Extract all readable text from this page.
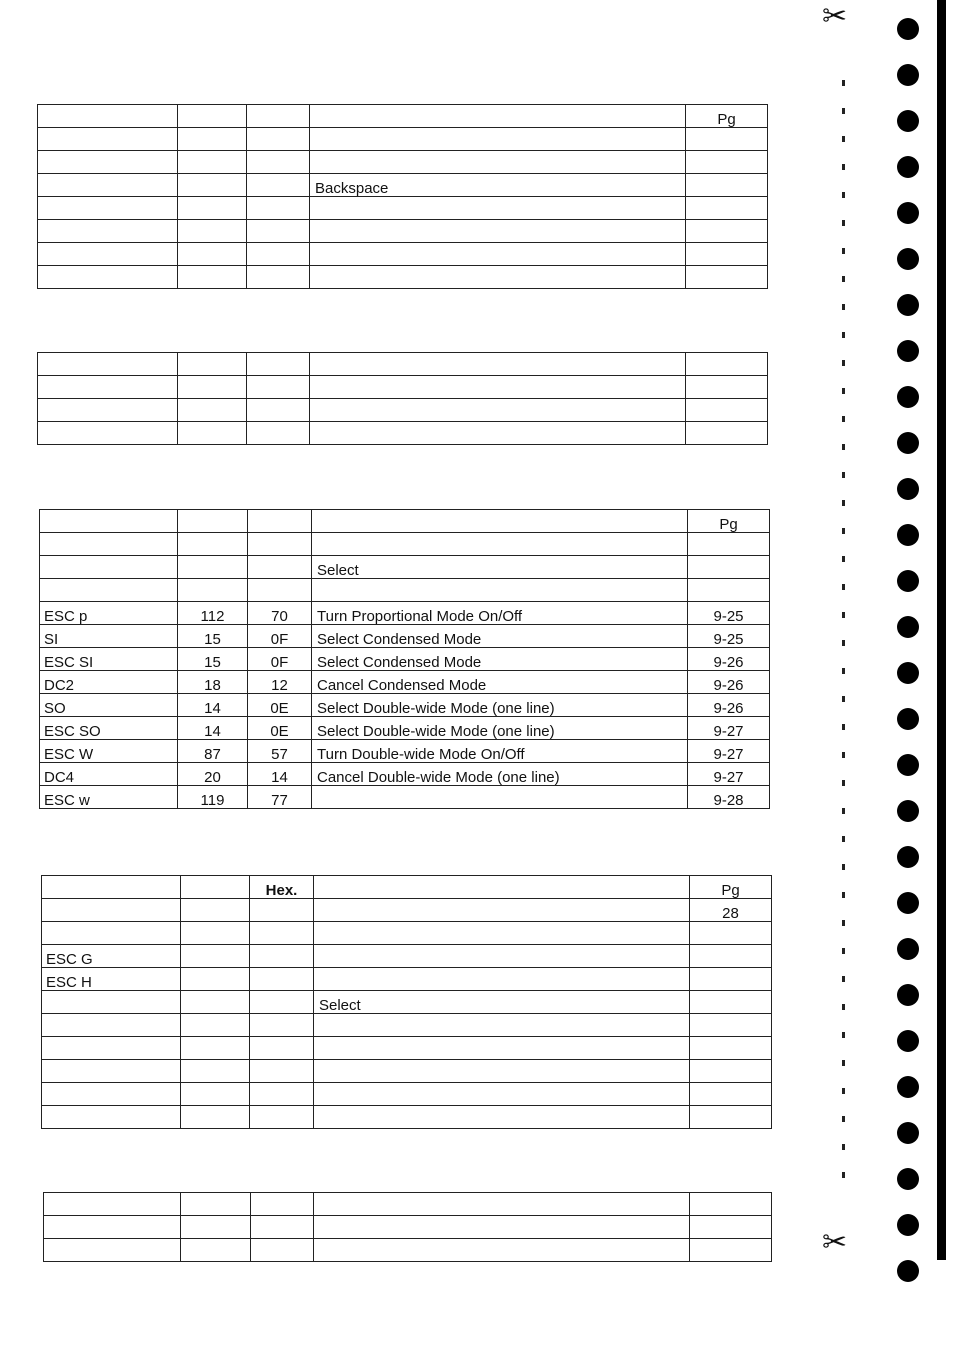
✂
✂
				Pg

			Backspace	

				Pg

			Select	

ESC p	112	70	Turn Proportional Mode On/Off	9-25
SI	15	0F	Select Condensed Mode	9-25
ESC SI	15	0F	Select Condensed Mode	9-26
DC2	18	12	Cancel Condensed Mode	9-26
SO	14	0E	Select Double-wide Mode (one line)	9-26
ESC SO	14	0E	Select Double-wide Mode (one line)	9-27
ESC W	87	57	Turn Double-wide Mode On/Off	9-27
DC4	20	14	Cancel Double-wide Mode (one line)	9-27
ESC w	119	77		9-28
		Hex.		Pg
				28

ESC G				
ESC H				
			Select	
